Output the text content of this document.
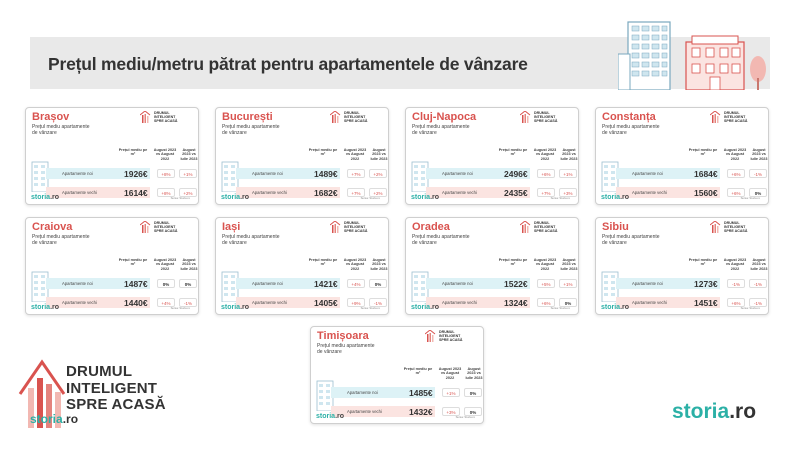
Prețul mediu/metru pătrat pentru apartamentele de vânzare
Brașov
Prețul mediu apartamente de vânzare
DRUMUL INTELIGENT SPRE ACASĂ
Prețul mediu pe m²
August 2023 vs August 2022
August 2023 vs Iulie 2023
Apartamente noi	1926€	+8%	+1%
Apartamente vechi	1614€	+8%	+2%
storia.ro	Sursa: Storia.ro
București
Prețul mediu apartamente de vânzare
DRUMUL INTELIGENT SPRE ACASĂ
Prețul mediu pe m²
August 2023 vs August 2022
August 2023 vs Iulie 2023
Apartamente noi	1489€	+7%	+2%
Apartamente vechi	1682€	+7%	+2%
storia.ro	Sursa: Storia.ro
Cluj-Napoca
Prețul mediu apartamente de vânzare
DRUMUL INTELIGENT SPRE ACASĂ
Prețul mediu pe m²
August 2023 vs August 2022
August 2023 vs Iulie 2023
Apartamente noi	2496€	+6%	+1%
Apartamente vechi	2435€	+7%	+3%
storia.ro	Sursa: Storia.ro
Constanța
Prețul mediu apartamente de vânzare
DRUMUL INTELIGENT SPRE ACASĂ
Prețul mediu pe m²
August 2023 vs August 2022
August 2023 vs Iulie 2023
Apartamente noi	1684€	+6%	-1%
Apartamente vechi	1560€	+6%	0%
storia.ro	Sursa: Storia.ro
Craiova
Prețul mediu apartamente de vânzare
DRUMUL INTELIGENT SPRE ACASĂ
Prețul mediu pe m²
August 2023 vs August 2022
August 2023 vs Iulie 2023
Apartamente noi	1487€	0%	0%
Apartamente vechi	1440€	+4%	-1%
storia.ro	Sursa: Storia.ro
Iași
Prețul mediu apartamente de vânzare
DRUMUL INTELIGENT SPRE ACASĂ
Prețul mediu pe m²
August 2023 vs August 2022
August 2023 vs Iulie 2023
Apartamente noi	1421€	+4%	0%
Apartamente vechi	1405€	+9%	-1%
storia.ro	Sursa: Storia.ro
Oradea
Prețul mediu apartamente de vânzare
DRUMUL INTELIGENT SPRE ACASĂ
Prețul mediu pe m²
August 2023 vs August 2022
August 2023 vs Iulie 2023
Apartamente noi	1522€	+5%	+1%
Apartamente vechi	1324€	+6%	0%
storia.ro	Sursa: Storia.ro
Sibiu
Prețul mediu apartamente de vânzare
DRUMUL INTELIGENT SPRE ACASĂ
Prețul mediu pe m²
August 2023 vs August 2022
August 2023 vs Iulie 2023
Apartamente noi	1273€	-1%	-1%
Apartamente vechi	1451€	+6%	-1%
storia.ro	Sursa: Storia.ro
Timișoara
Prețul mediu apartamente de vânzare
DRUMUL INTELIGENT SPRE ACASĂ
Prețul mediu pe m²
August 2023 vs August 2022
August 2023 vs Iulie 2023
Apartamente noi	1485€	+1%	0%
Apartamente vechi	1432€	+3%	0%
storia.ro	Sursa: Storia.ro
DRUMUL
INTELIGENT
SPRE ACASĂ
storia.ro	storia.ro
